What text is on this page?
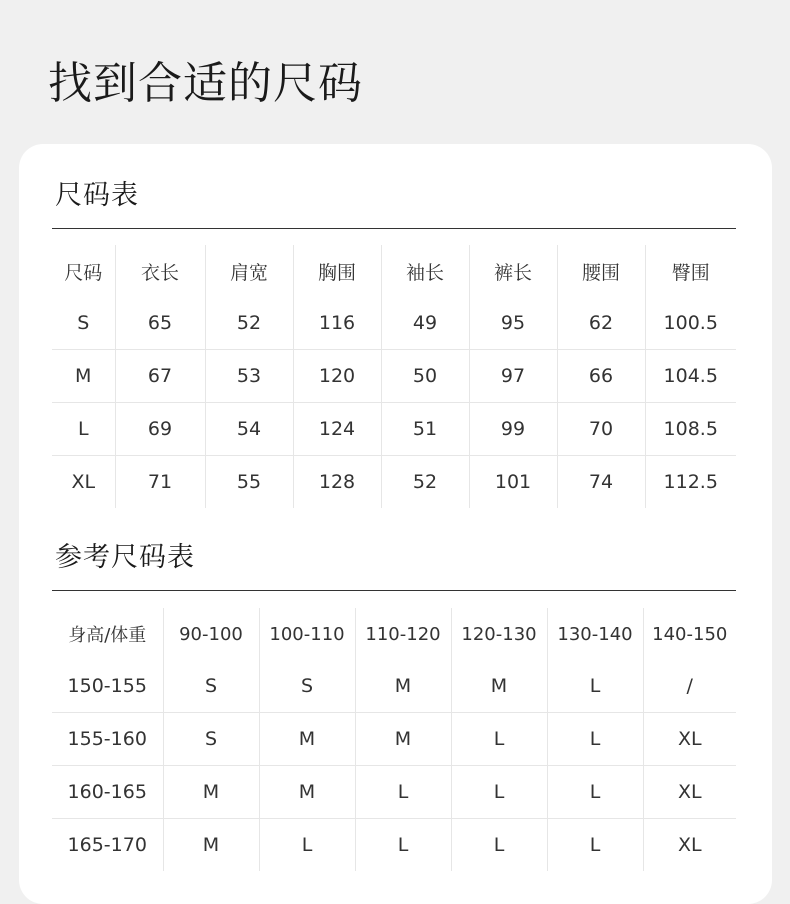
找到合适的尺码
尺码表
尺码	衣长	肩宽	胸围	袖长	裤长	腰围	臀围
S	65	52	116	49	95	62	100.5
M	67	53	120	50	97	66	104.5
L	69	54	124	51	99	70	108.5
XL	71	55	128	52	101	74	112.5
参考尺码表
身高/体重	90-100	100-110	110-120	120-130	130-140	140-150
150-155	S	S	M	M	L	/
155-160	S	M	M	L	L	XL
160-165	M	M	L	L	L	XL
165-170	M	L	L	L	L	XL
